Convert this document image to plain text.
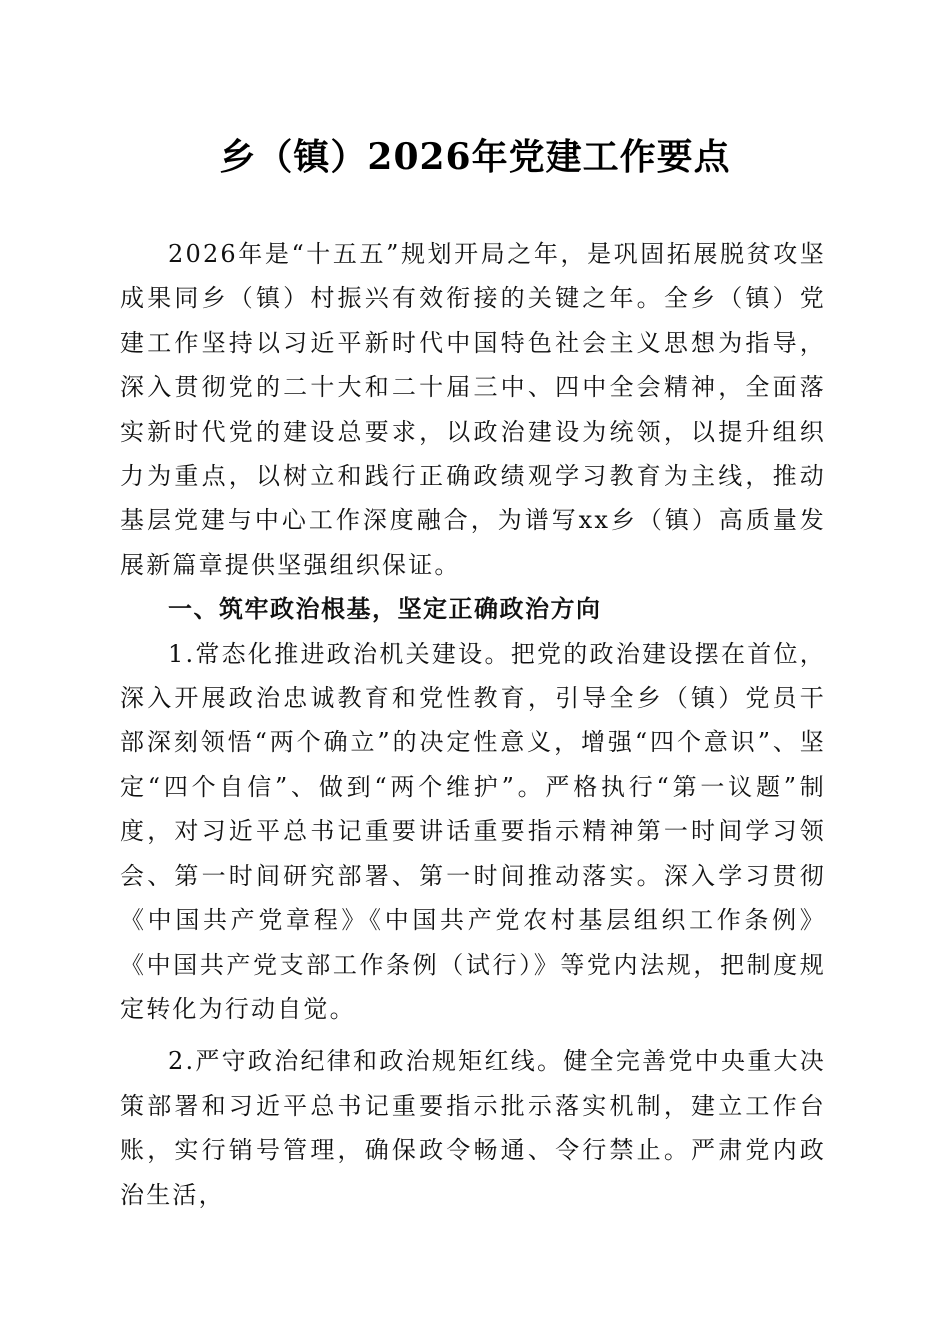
乡（镇）2026年党建工作要点

2026年是“十五五”规划开局之年，是巩固拓展脱贫攻坚成果同乡（镇）村振兴有效衔接的关键之年。全乡（镇）党建工作坚持以习近平新时代中国特色社会主义思想为指导，深入贯彻党的二十大和二十届三中、四中全会精神，全面落实新时代党的建设总要求，以政治建设为统领，以提升组织力为重点，以树立和践行正确政绩观学习教育为主线，推动基层党建与中心工作深度融合，为谱写xx乡（镇）高质量发展新篇章提供坚强组织保证。

一、筑牢政治根基，坚定正确政治方向

1.常态化推进政治机关建设。把党的政治建设摆在首位，深入开展政治忠诚教育和党性教育，引导全乡（镇）党员干部深刻领悟“两个确立”的决定性意义，增强“四个意识”、坚定“四个自信”、做到“两个维护”。严格执行“第一议题”制度，对习近平总书记重要讲话重要指示精神第一时间学习领会、第一时间研究部署、第一时间推动落实。深入学习贯彻《中国共产党章程》《中国共产党农村基层组织工作条例》《中国共产党支部工作条例（试行）》等党内法规，把制度规定转化为行动自觉。

2.严守政治纪律和政治规矩红线。健全完善党中央重大决策部署和习近平总书记重要指示批示落实机制，建立工作台账，实行销号管理，确保政令畅通、令行禁止。严肃党内政治生活，
